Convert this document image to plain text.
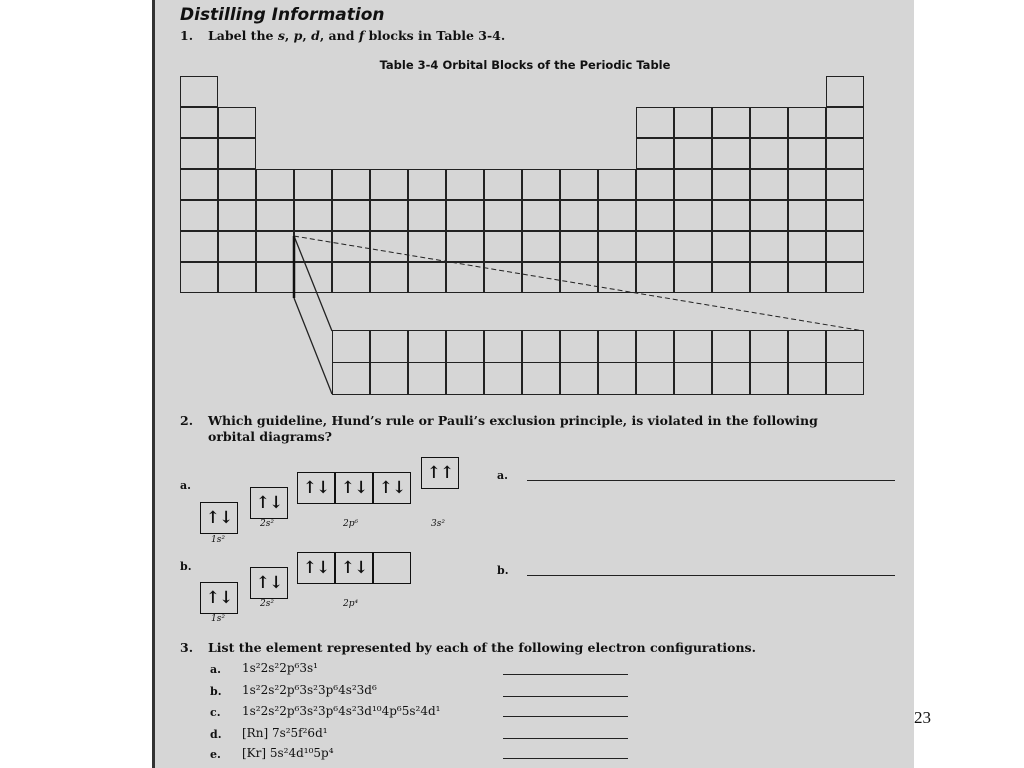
Distilling Information
1. Label the s, p, d, and f blocks in Table 3-4.
Table 3-4 Orbital Blocks of the Periodic Table
2. Which guideline, Hund’s rule or Pauli’s exclusion principle, is violated in the following
orbital diagrams?
a.
↑↓
↑↓
↑↓ ↑↓ ↑↓
↑↑
1s²
2s²	2p⁶	3s²
a.
b.
↑↓
↑↓
↑↓ ↑↓
1s²
2s²	2p⁴
b.
3. List the element represented by each of the following electron configurations.
a. 1s²2s²2p⁶3s¹
b. 1s²2s²2p⁶3s²3p⁶4s²3d⁶
c. 1s²2s²2p⁶3s²3p⁶4s²3d¹⁰4p⁶5s²4d¹
d. [Rn] 7s²5f²6d¹
e. [Kr] 5s²4d¹⁰5p⁴
23
